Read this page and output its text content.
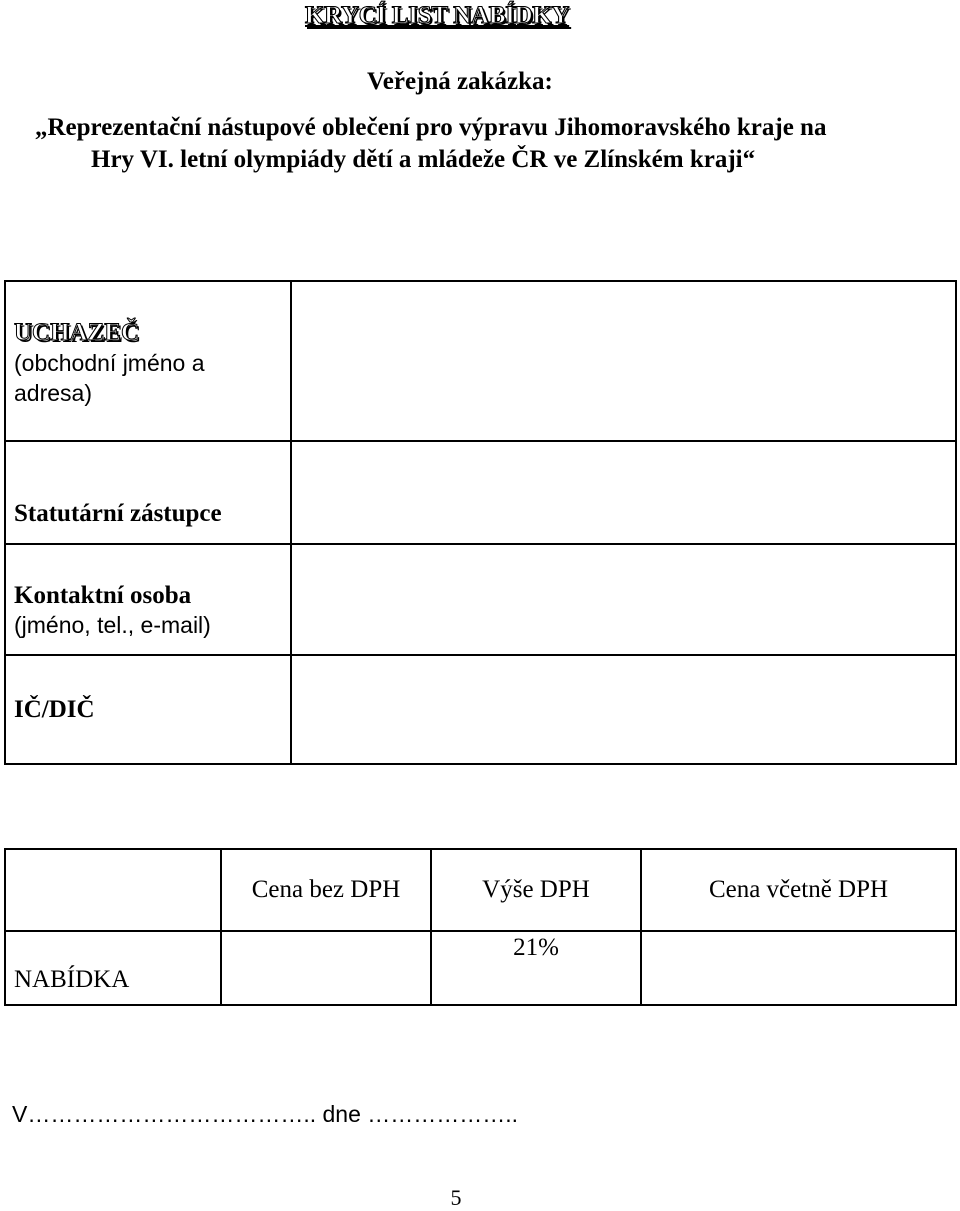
KRYCÍ LIST NABÍDKY
Veřejná zakázka:
„Reprezentační nástupové oblečení pro výpravu Jihomoravského kraje na
Hry VI. letní olympiády dětí a mládeže ČR ve Zlínském kraji“
UCHAZEČ
(obchodní jméno a
adresa)	

Statutární zástupce	

Kontaktní osoba
(jméno, tel., e-mail)	

IČ/DIČ	

	Cena bez DPH	Výše DPH	Cena včetně DPH
NABÍDKA		21%	
V……………………………….. dne ………………..
5
